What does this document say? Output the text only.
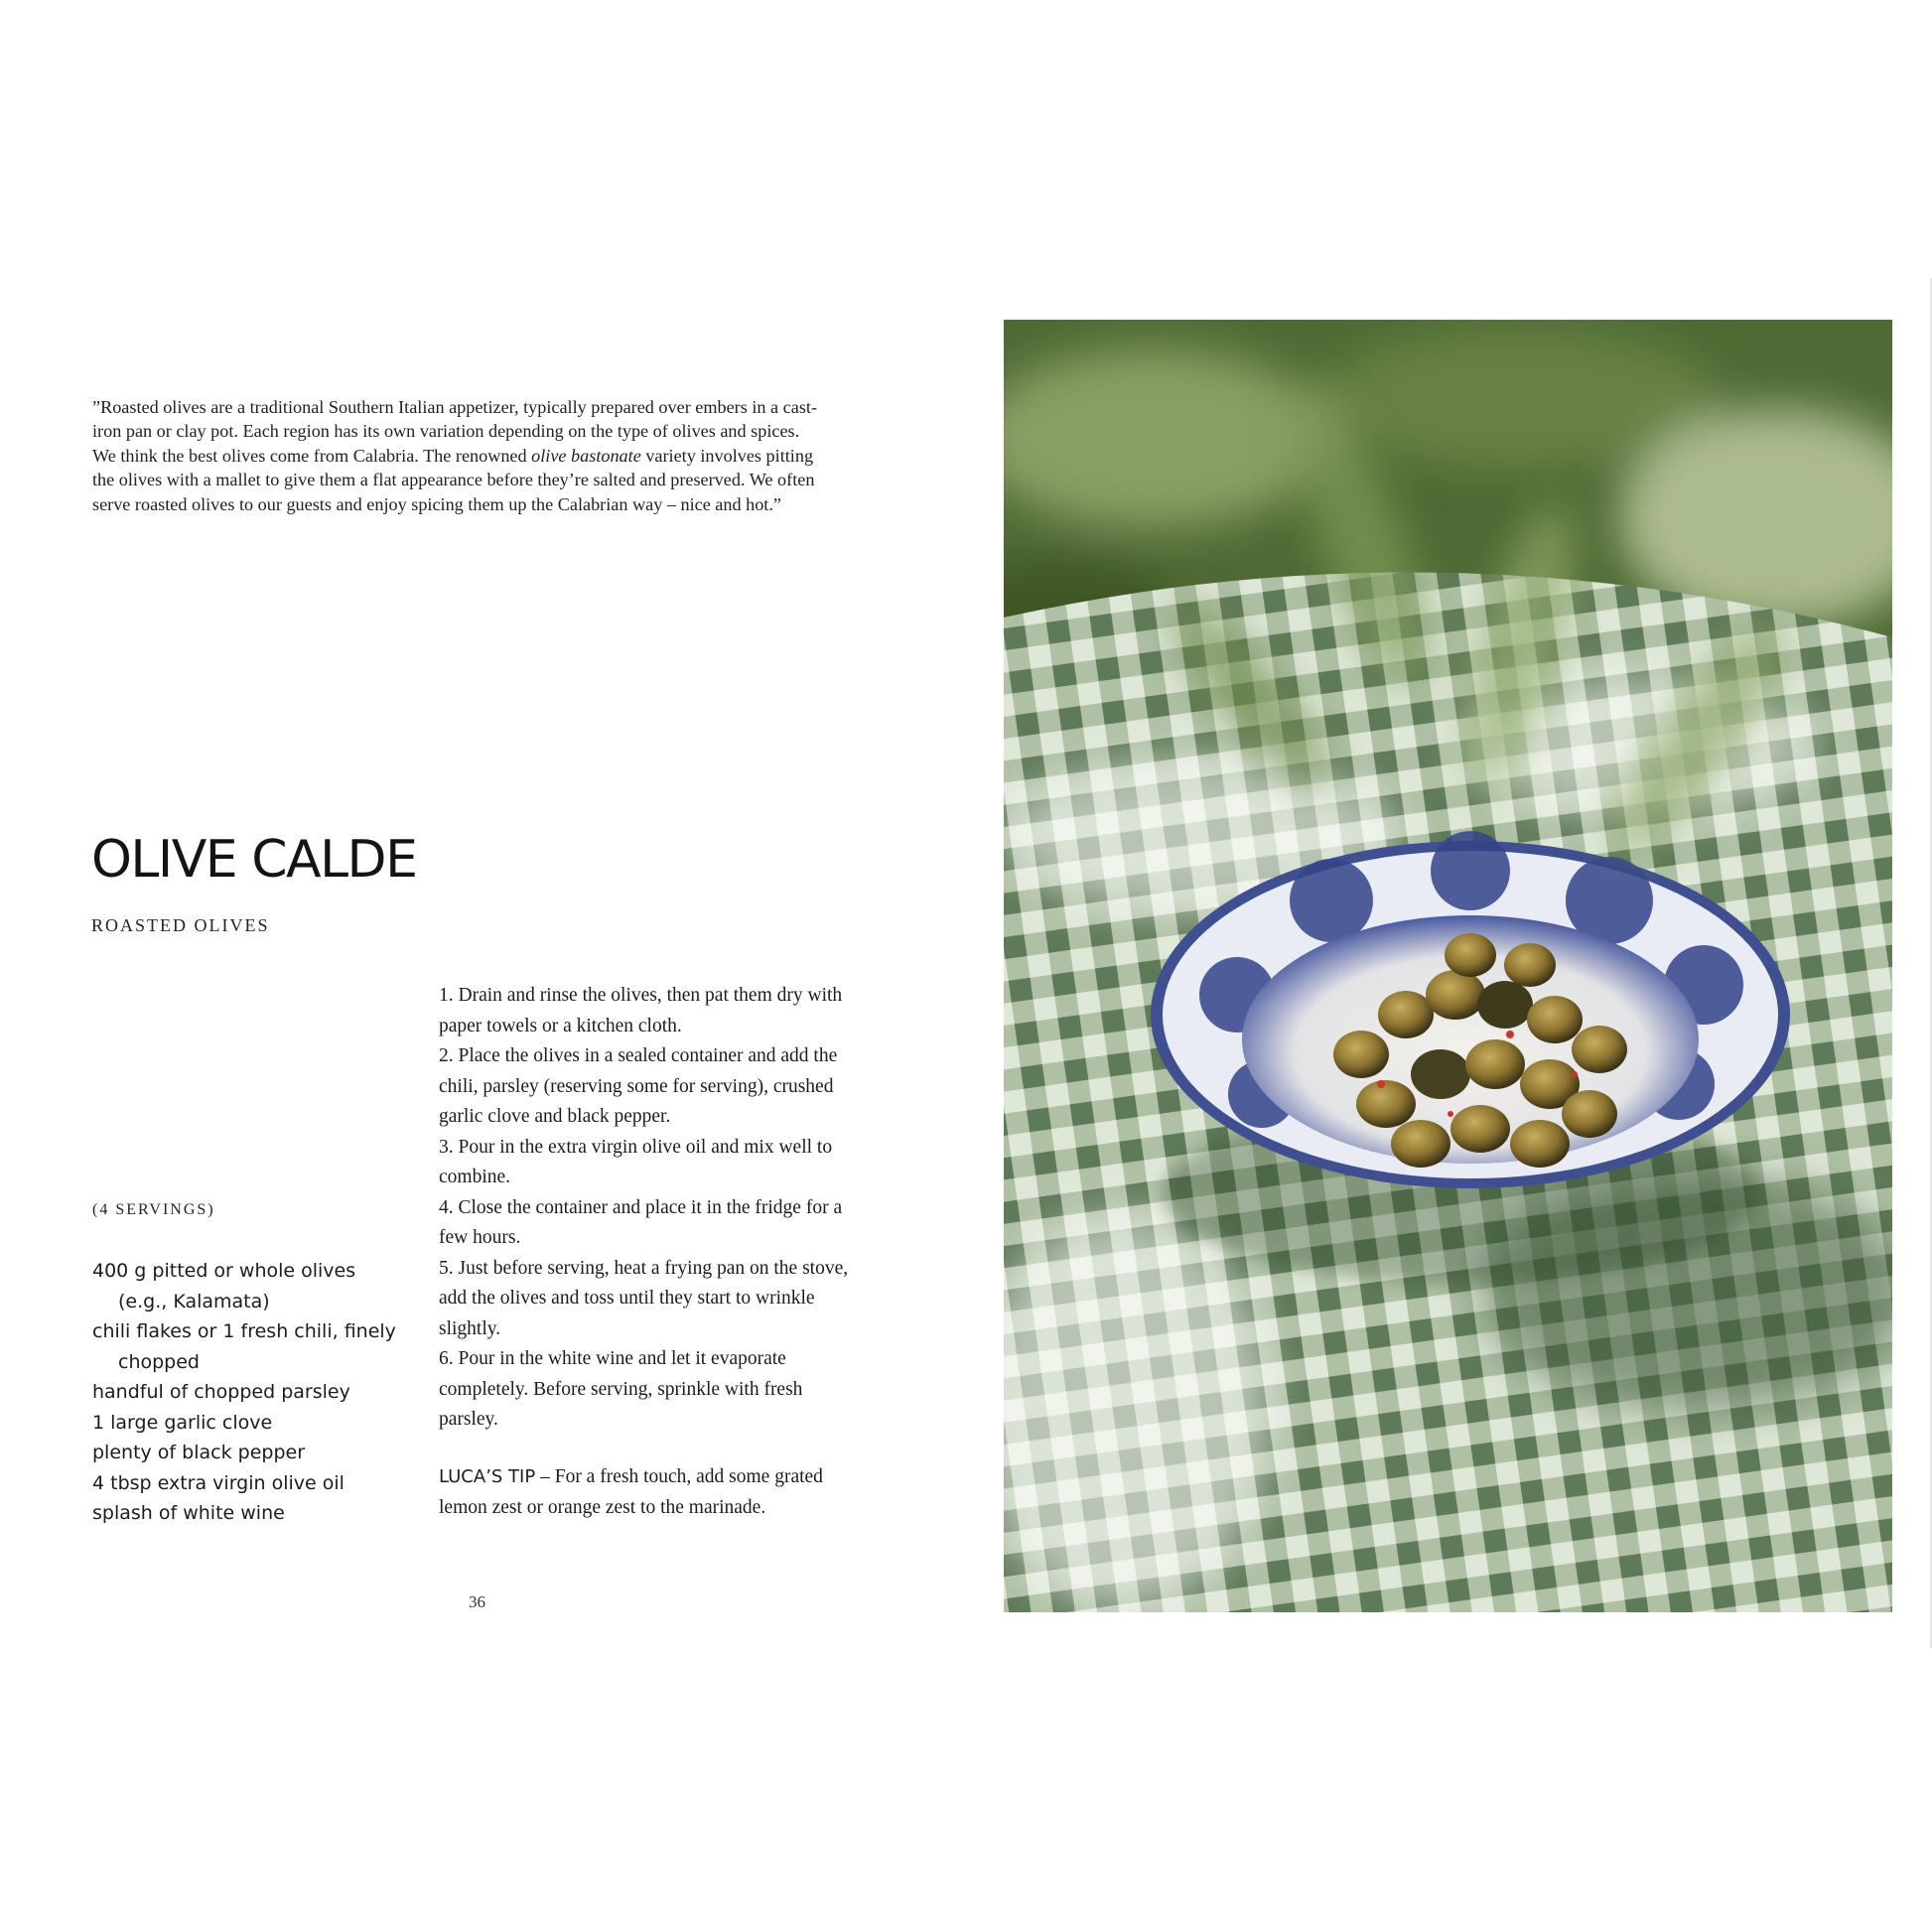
”Roasted olives are a traditional Southern Italian appetizer, typically prepared over embers in a cast-iron pan or clay pot. Each region has its own variation depending on the type of olives and spices. We think the best olives come from Calabria. The renowned olive bastonate variety involves pitting the olives with a mallet to give them a flat appearance before they’re salted and preserved. We often serve roasted olives to our guests and enjoy spicing them up the Calabrian way – nice and hot.”

OLIVE CALDE

ROASTED OLIVES

(4 SERVINGS)

400 g pitted or whole olives (e.g., Kalamata)
chili flakes or 1 fresh chili, finely chopped
handful of chopped parsley
1 large garlic clove
plenty of black pepper
4 tbsp extra virgin olive oil
splash of white wine
1. Drain and rinse the olives, then pat them dry with paper towels or a kitchen cloth.
2. Place the olives in a sealed container and add the chili, parsley (reserving some for serving), crushed garlic clove and black pepper.
3. Pour in the extra virgin olive oil and mix well to combine.
4. Close the container and place it in the fridge for a few hours.
5. Just before serving, heat a frying pan on the stove, add the olives and toss until they start to wrinkle slightly.
6. Pour in the white wine and let it evaporate completely. Before serving, sprinkle with fresh parsley.

LUCA’S TIP – For a fresh touch, add some grated lemon zest or orange zest to the marinade.

36
